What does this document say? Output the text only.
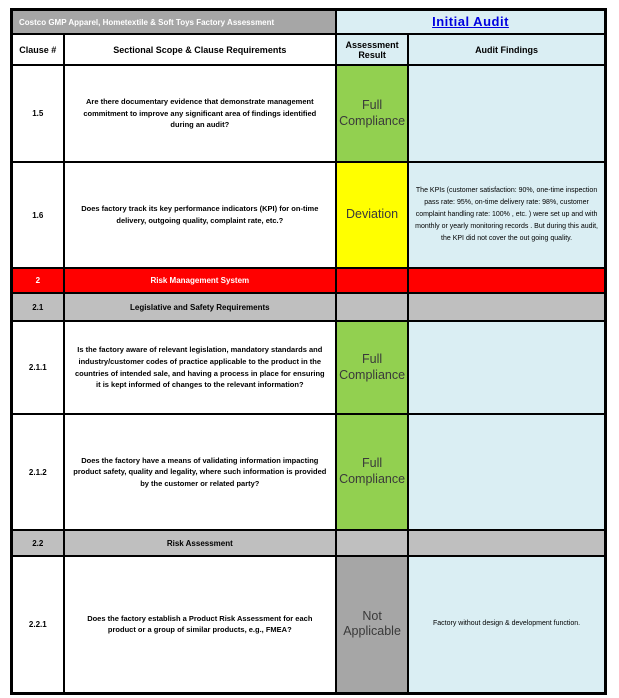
Costco GMP Apparel, Hometextile & Soft Toys Factory Assessment		Initial Audit	
Clause #	Sectional Scope & Clause Requirements	Assessment Result	Audit Findings
1.5	Are there documentary evidence that demonstrate management commitment to improve any significant area of findings identified during an audit?	Full Compliance	
1.6	Does factory track its key performance indicators (KPI) for on-time delivery, outgoing quality, complaint rate, etc.?	Deviation	The KPIs (customer satisfaction: 90%, one-time inspection pass rate: 95%, on-time delivery rate: 98%, customer complaint handling rate: 100% , etc. ) were set up and with monthly or yearly monitoring records . But during this audit, the KPI did not cover the out going quality.
2	Risk Management System		
2.1	Legislative and Safety Requirements		
2.1.1	Is the factory aware of relevant legislation, mandatory standards and industry/customer codes of practice applicable to the product in the countries of intended sale, and having a process in place for ensuring it is kept informed of changes to the relevant information?	Full Compliance	
2.1.2	Does the factory have a means of validating information impacting product safety, quality and legality, where such information is provided by the customer or related party?	Full Compliance	
2.2	Risk Assessment		
2.2.1	Does the factory establish a Product Risk Assessment for each product or a group of similar products, e.g., FMEA?	Not Applicable	Factory without design & development function.
